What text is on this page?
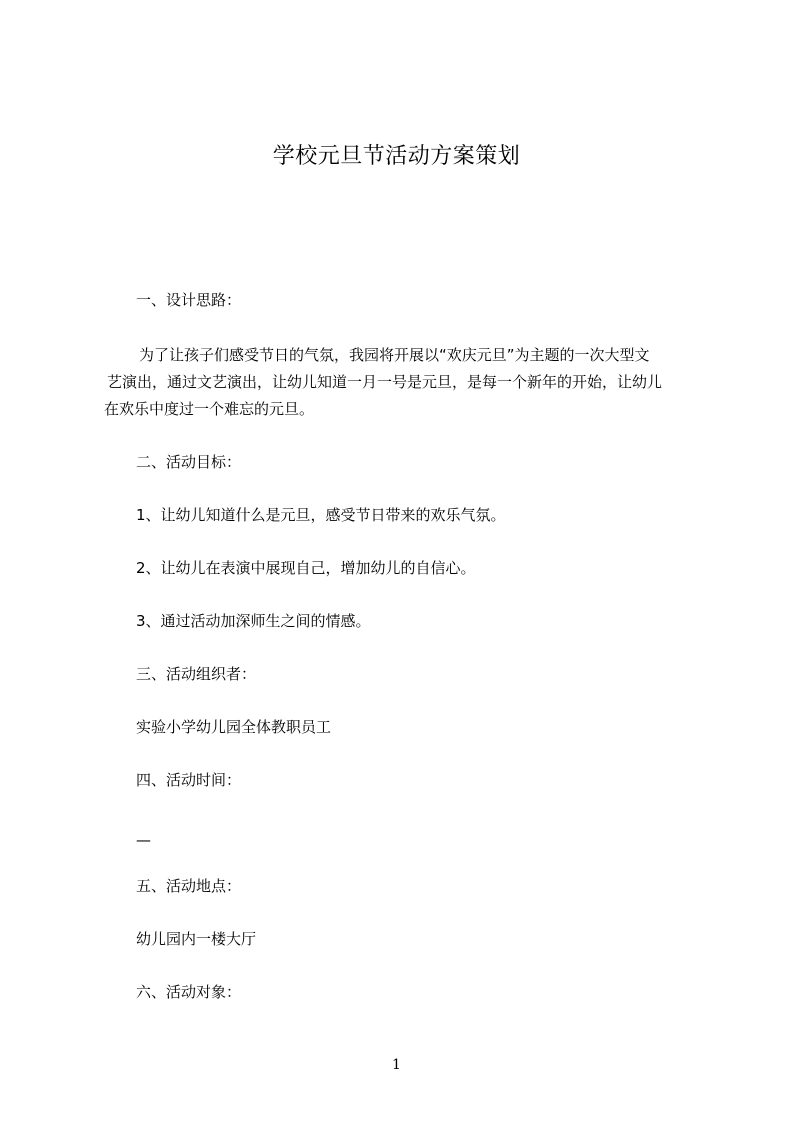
学校元旦节活动方案策划
一、设计思路：
为了让孩子们感受节日的气氛，我园将开展以“欢庆元旦”为主题的一次大型文
艺演出，通过文艺演出，让幼儿知道一月一号是元旦，是每一个新年的开始，让幼儿
在欢乐中度过一个难忘的元旦。
二、活动目标：
1、让幼儿知道什么是元旦，感受节日带来的欢乐气氛。
2、让幼儿在表演中展现自己，增加幼儿的自信心。
3、通过活动加深师生之间的情感。
三、活动组织者：
实验小学幼儿园全体教职员工
四、活动时间：
—
五、活动地点：
幼儿园内一楼大厅
六、活动对象：
1
